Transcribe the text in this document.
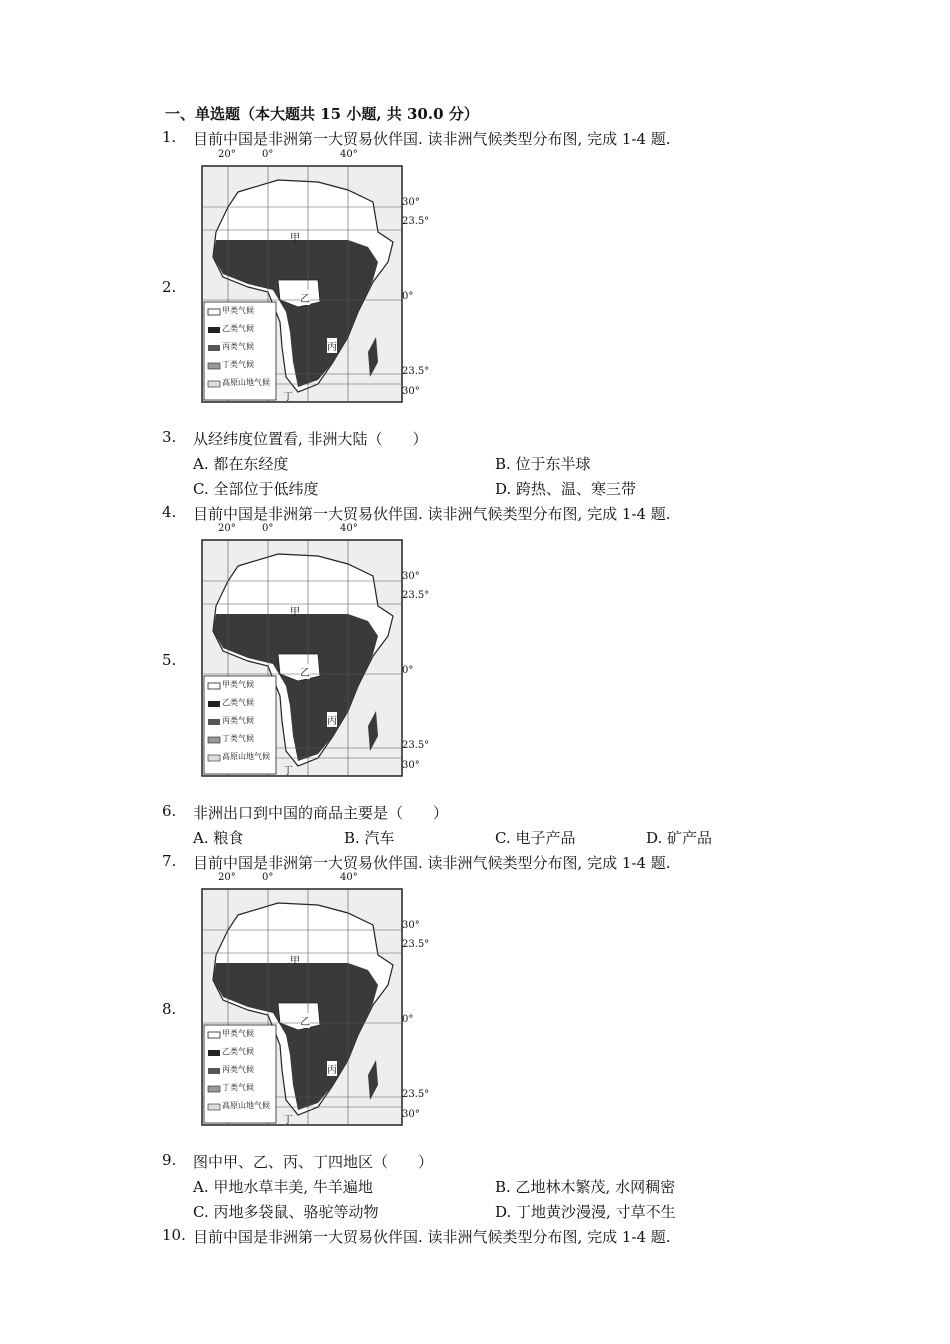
一、单选题（本大题共 15 小题, 共 30.0 分）
1.	目前中国是非洲第一大贸易伙伴国. 读非洲气候类型分布图, 完成 1-4 题.
2.
20°	0°	40°
30°
23.5°
0°
23.5°
30°
甲
乙
丙
丁
甲类气候
乙类气候
丙类气候
丁类气候
高原山地气候
3.	从经纬度位置看, 非洲大陆（　　）
A. 都在东经度	B. 位于东半球
C. 全部位于低纬度	D. 跨热、温、寒三带
4.	目前中国是非洲第一大贸易伙伴国. 读非洲气候类型分布图, 完成 1-4 题.
5.
20°	0°	40°
30°
23.5°
0°
23.5°
30°
甲
乙
丙
丁
甲类气候
乙类气候
丙类气候
丁类气候
高原山地气候
6.	非洲出口到中国的商品主要是（　　）
A. 粮食	B. 汽车	C. 电子产品	D. 矿产品
7.	目前中国是非洲第一大贸易伙伴国. 读非洲气候类型分布图, 完成 1-4 题.
8.
20°	0°	40°
30°
23.5°
0°
23.5°
30°
甲
乙
丙
丁
甲类气候
乙类气候
丙类气候
丁类气候
高原山地气候
9.	图中甲、乙、丙、丁四地区（　　）
A. 甲地水草丰美, 牛羊遍地	B. 乙地林木繁茂, 水网稠密
C. 丙地多袋鼠、骆驼等动物	D. 丁地黄沙漫漫, 寸草不生
10. 目前中国是非洲第一大贸易伙伴国. 读非洲气候类型分布图, 完成 1-4 题.
